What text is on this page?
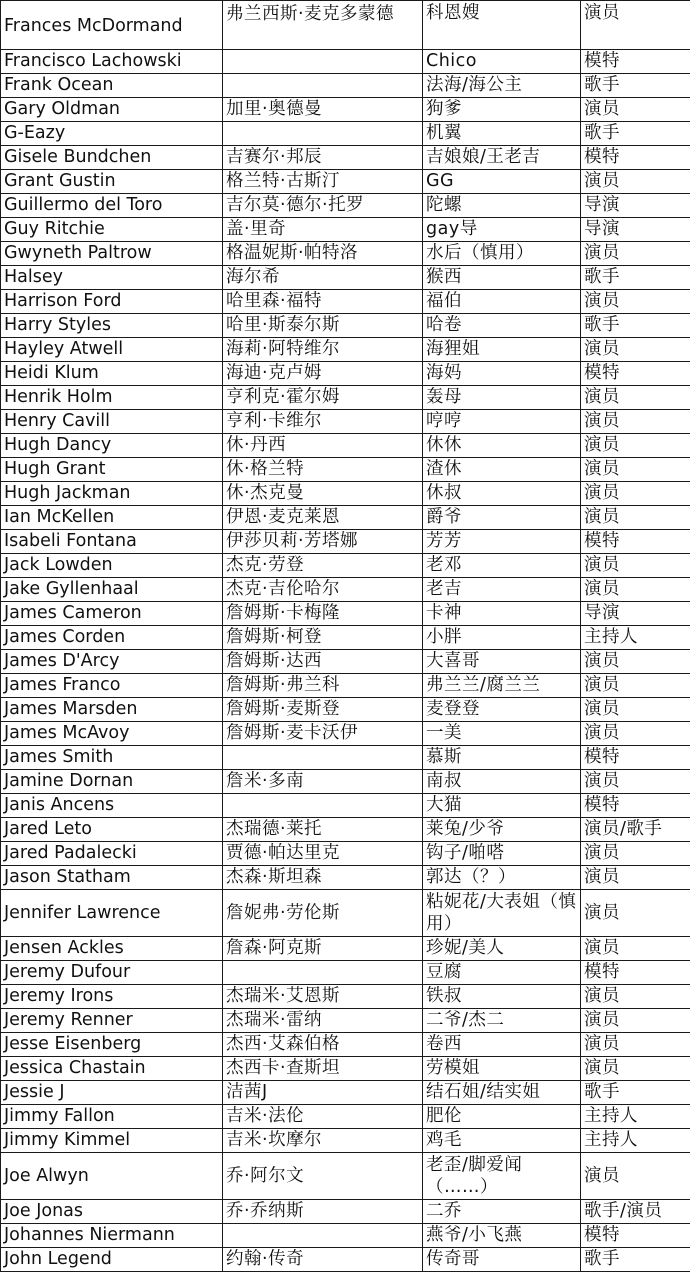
Frances McDormand	弗兰西斯·麦克多蒙德	科恩嫂	演员
Francisco Lachowski		Chico	模特
Frank Ocean		法海/海公主	歌手
Gary Oldman	加里·奥德曼	狗爹	演员
G-Eazy		机翼	歌手
Gisele Bundchen	吉赛尔·邦辰	吉娘娘/王老吉	模特
Grant Gustin	格兰特·古斯汀	GG	演员
Guillermo del Toro	吉尔莫·德尔·托罗	陀螺	导演
Guy Ritchie	盖·里奇	gay导	导演
Gwyneth Paltrow	格温妮斯·帕特洛	水后（慎用）	演员
Halsey	海尔希	猴西	歌手
Harrison Ford	哈里森·福特	福伯	演员
Harry Styles	哈里·斯泰尔斯	哈卷	歌手
Hayley Atwell	海莉·阿特维尔	海狸姐	演员
Heidi Klum	海迪·克卢姆	海妈	模特
Henrik Holm	亨利克·霍尔姆	轰母	演员
Henry Cavill	亨利·卡维尔	哼哼	演员
Hugh Dancy	休·丹西	休休	演员
Hugh Grant	休·格兰特	渣休	演员
Hugh Jackman	休·杰克曼	休叔	演员
Ian McKellen	伊恩·麦克莱恩	爵爷	演员
Isabeli Fontana	伊莎贝莉·芳塔娜	芳芳	模特
Jack Lowden	杰克·劳登	老邓	演员
Jake Gyllenhaal	杰克·吉伦哈尔	老吉	演员
James Cameron	詹姆斯·卡梅隆	卡神	导演
James Corden	詹姆斯·柯登	小胖	主持人
James D'Arcy	詹姆斯·达西	大喜哥	演员
James Franco	詹姆斯·弗兰科	弗兰兰/腐兰兰	演员
James Marsden	詹姆斯·麦斯登	麦登登	演员
James McAvoy	詹姆斯·麦卡沃伊	一美	演员
James Smith		慕斯	模特
Jamine Dornan	詹米·多南	南叔	演员
Janis Ancens		大猫	模特
Jared Leto	杰瑞德·莱托	莱兔/少爷	演员/歌手
Jared Padalecki	贾德·帕达里克	钩子/啪嗒	演员
Jason Statham	杰森·斯坦森	郭达（？）	演员
Jennifer Lawrence	詹妮弗·劳伦斯	粘妮花/大表姐（慎用）	演员
Jensen Ackles	詹森·阿克斯	珍妮/美人	演员
Jeremy Dufour		豆腐	模特
Jeremy Irons	杰瑞米·艾恩斯	铁叔	演员
Jeremy Renner	杰瑞米·雷纳	二爷/杰二	演员
Jesse Eisenberg	杰西·艾森伯格	卷西	演员
Jessica Chastain	杰西卡·查斯坦	劳模姐	演员
Jessie J	洁茜J	结石姐/结实姐	歌手
Jimmy Fallon	吉米·法伦	肥伦	主持人
Jimmy Kimmel	吉米·坎摩尔	鸡毛	主持人
Joe Alwyn	乔·阿尔文	老歪/脚爱闻（……）	演员
Joe Jonas	乔·乔纳斯	二乔	歌手/演员
Johannes Niermann		燕爷/小飞燕	模特
John Legend	约翰·传奇	传奇哥	歌手
